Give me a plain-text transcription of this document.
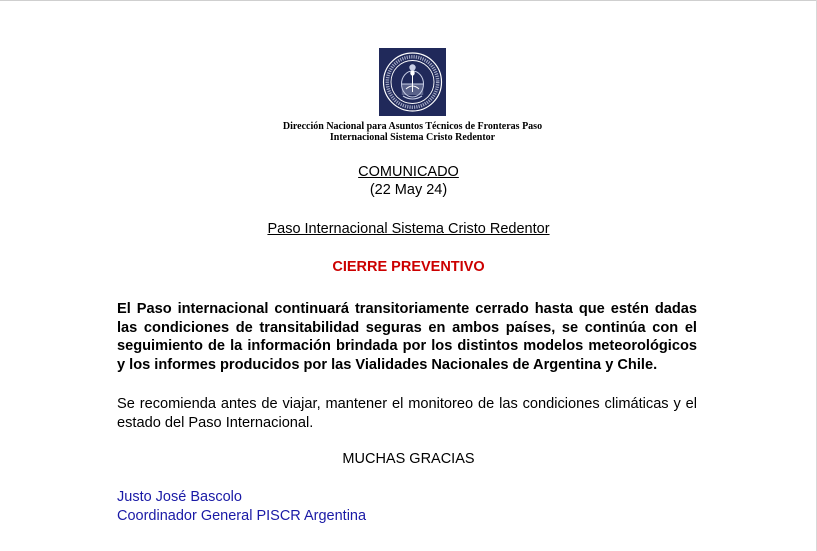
Dirección Nacional para Asuntos Técnicos de Fronteras Paso

Internacional Sistema Cristo Redentor

COMUNICADO

(22 May 24)

Paso Internacional Sistema Cristo Redentor

CIERRE PREVENTIVO

El Paso internacional continuará transitoriamente cerrado hasta que estén dadas las condiciones de transitabilidad seguras en ambos países, se continúa con el seguimiento de la información brindada por los distintos modelos meteorológicos y los informes producidos por las Vialidades Nacionales de Argentina y Chile.

Se recomienda antes de viajar, mantener el monitoreo de las condiciones climáticas y el estado del Paso Internacional.

MUCHAS GRACIAS

Justo José Bascolo

Coordinador General PISCR Argentina
